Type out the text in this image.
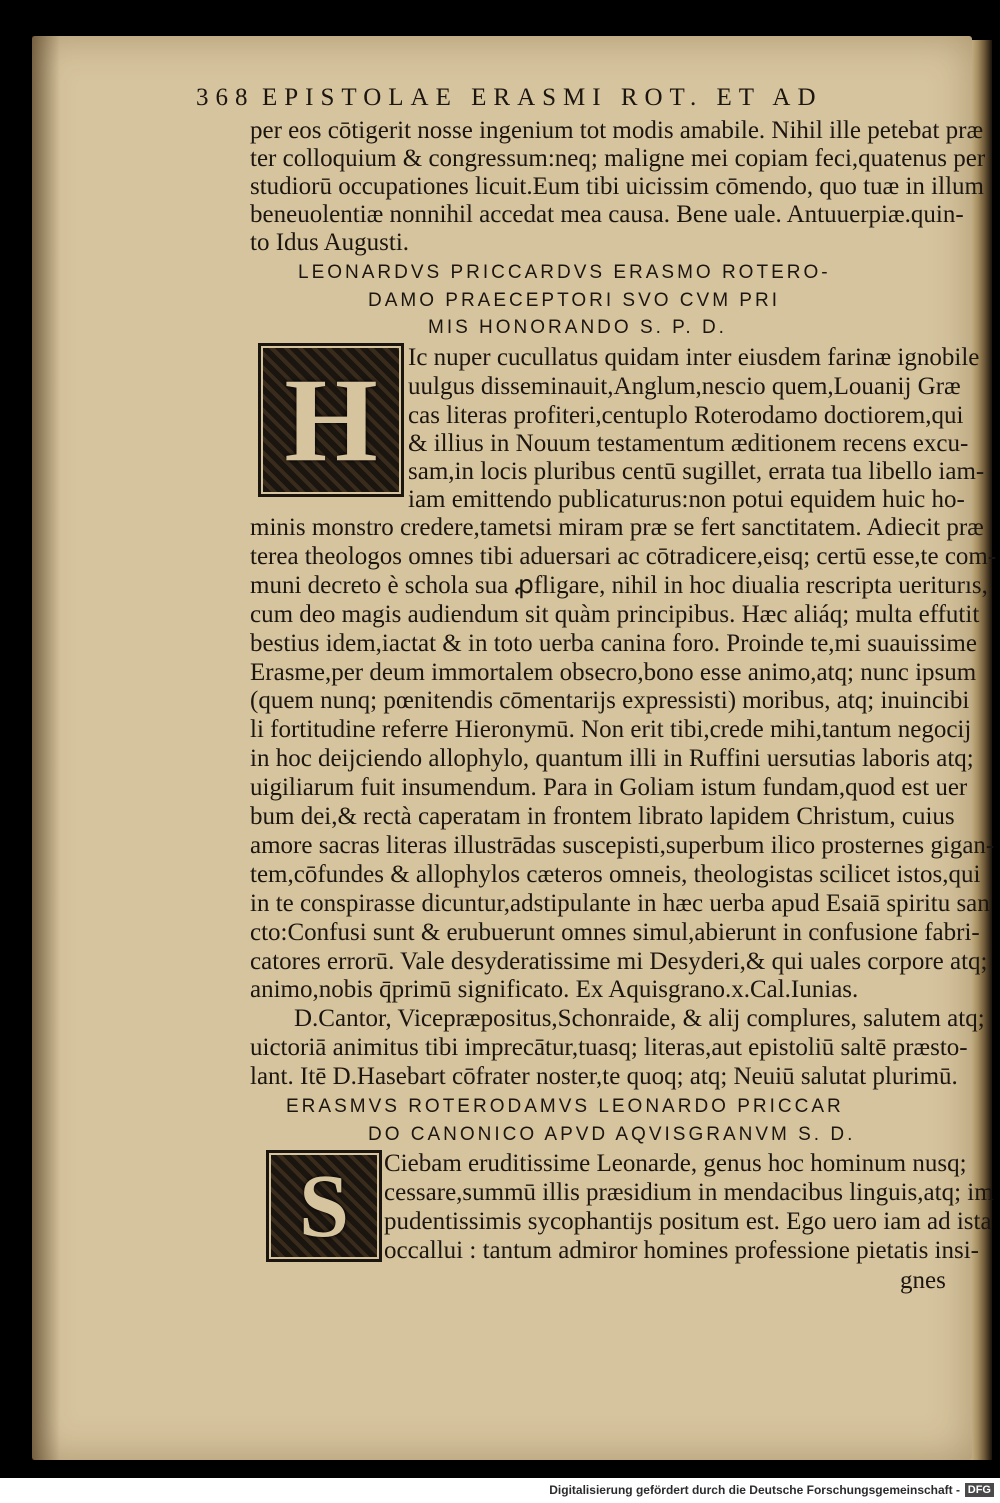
368 EPISTOLAE ERASMI ROT. ET AD
per eos cōtigerit nosse ingenium tot modis amabile. Nihil ille petebat præ
ter colloquium & congressum:neq; maligne mei copiam feci,quatenus per
studiorū occupationes licuit.Eum tibi uicissim cōmendo, quo tuæ in illum
beneuolentiæ nonnihil accedat mea causa. Bene uale. Antuuerpiæ.quin-
to Idus Augusti.
LEONARDVS PRICCARDVS ERASMO ROTERO-
DAMO PRAECEPTORI SVO CVM PRI
MIS HONORANDO S. P. D.
H Ic nuper cucullatus quidam inter eiusdem farinæ ignobile
uulgus disseminauit,Anglum,nescio quem,Louanij Græ
cas literas profiteri,centuplo Roterodamo doctiorem,qui
& illius in Nouum testamentum æditionem recens excu-
sam,in locis pluribus centū sugillet, errata tua libello iam-
iam emittendo publicaturus:non potui equidem huic ho-
minis monstro credere,tametsi miram præ se fert sanctitatem. Adiecit præ
terea theologos omnes tibi aduersari ac cōtradicere,eisq; certū esse,te com-
muni decreto è schola sua ꝓfligare, nihil in hoc diualia rescripta ueriturıs,
cum deo magis audiendum sit quàm principibus. Hæc aliáq; multa effutit
bestius idem,iactat & in toto uerba canina foro. Proinde te,mi suauissime
Erasme,per deum immortalem obsecro,bono esse animo,atq; nunc ipsum
(quem nunq; pœnitendis cōmentarijs expressisti) moribus, atq; inuincibi
li fortitudine referre Hieronymū. Non erit tibi,crede mihi,tantum negocij
in hoc deijciendo allophylo, quantum illi in Ruffini uersutias laboris atq;
uigiliarum fuit insumendum. Para in Goliam istum fundam,quod est uer
bum dei,& rectà caperatam in frontem librato lapidem Christum, cuius
amore sacras literas illustrādas suscepisti,superbum ilico prosternes gigan-
tem,cōfundes & allophylos cæteros omneis, theologistas scilicet istos,qui
in te conspirasse dicuntur,adstipulante in hæc uerba apud Esaiā spiritu san
cto:Confusi sunt & erubuerunt omnes simul,abierunt in confusione fabri-
catores errorū. Vale desyderatissime mi Desyderi,& qui uales corpore atq;
animo,nobis q̄primū significato. Ex Aquisgrano.x.Cal.Iunias.
D.Cantor, Vicepræpositus,Schonraide, & alij complures, salutem atq;
uictoriā animitus tibi imprecātur,tuasq; literas,aut epistoliū saltē præsto-
lant. Itē D.Hasebart cōfrater noster,te quoq; atq; Neuiū salutat plurimū.
ERASMVS ROTERODAMVS LEONARDO PRICCAR
DO CANONICO APVD AQVISGRANVM S. D.
S Ciebam eruditissime Leonarde, genus hoc hominum nusq;
cessare,summū illis præsidium in mendacibus linguis,atq; im
pudentissimis sycophantijs positum est. Ego uero iam ad ista
occallui : tantum admiror homines professione pietatis insi-
gnes
Digitalisierung gefördert durch die Deutsche Forschungsgemeinschaft - DFG
